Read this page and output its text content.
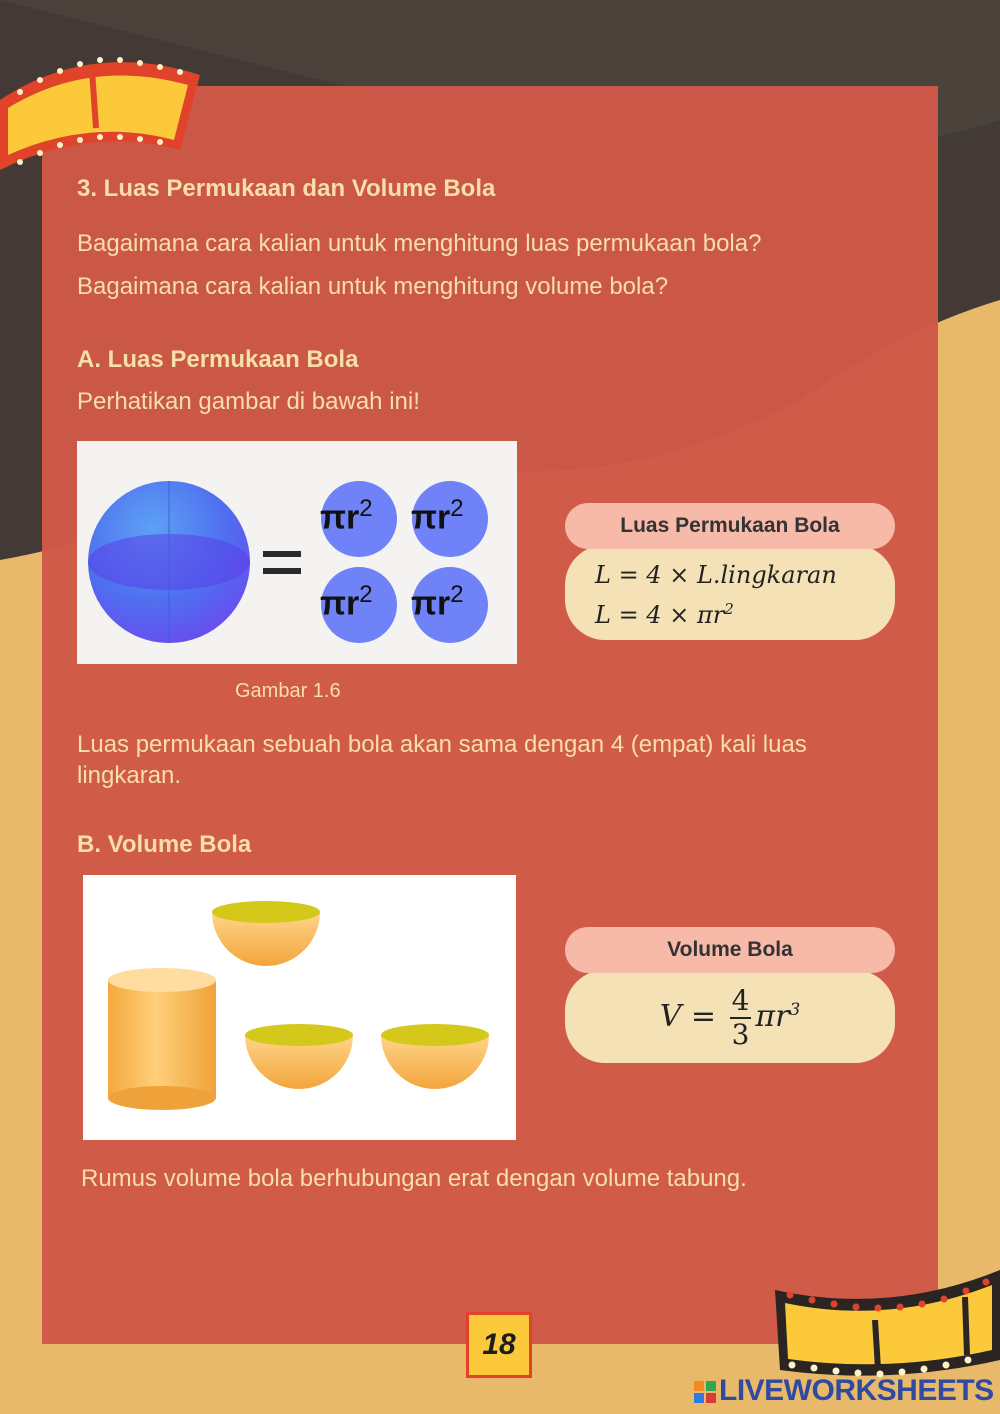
3. Luas Permukaan dan Volume Bola
Bagaimana cara kalian untuk menghitung luas permukaan bola?
Bagaimana cara kalian untuk menghitung volume bola?
A. Luas Permukaan Bola
Perhatikan gambar di bawah ini!
$\pi r^2$ $\pi r^2$
$\pi r^2$ $\pi r^2$
Gambar 1.6
L = 4 × L.lingkaran
$L = 4 \times \pi r^2$
Luas Permukaan Bola
Luas permukaan sebuah bola akan sama dengan 4 (empat) kali luas lingkaran.
B. Volume Bola
$V = \frac{4}{3} \pi r^3$
Volume Bola
Rumus volume bola berhubungan erat dengan volume tabung.
18
LIVEWORKSHEETS
